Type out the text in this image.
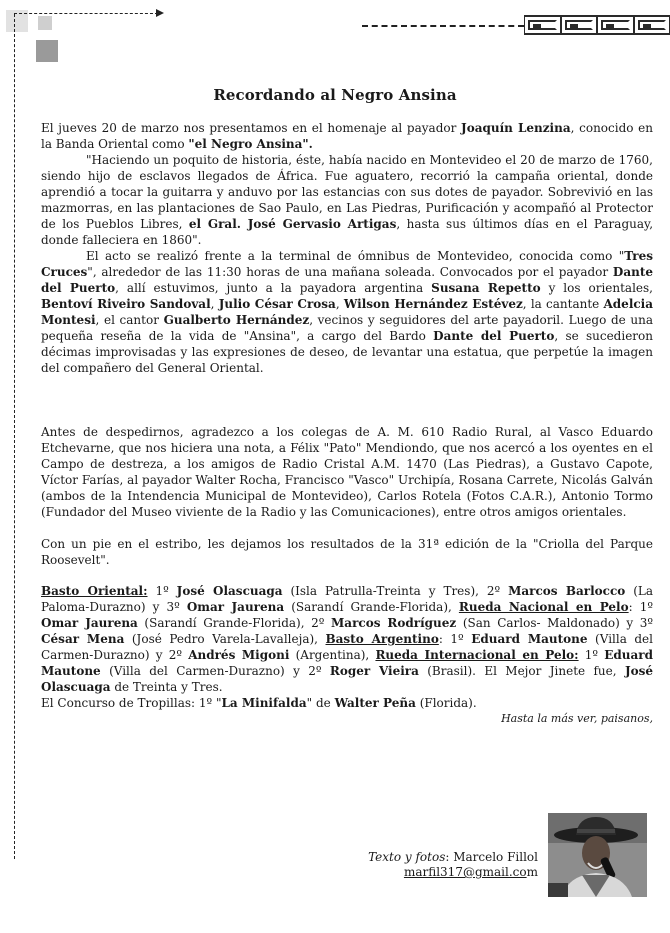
Recordando al Negro Ansina

El jueves 20 de marzo nos presentamos en el homenaje al payador Joaquín Lenzina, conocido en la Banda Oriental como "el Negro Ansina".

"Haciendo un poquito de historia, éste, había nacido en Montevideo el 20 de marzo de 1760, siendo hijo de esclavos llegados de África. Fue aguatero, recorrió la campaña oriental, donde aprendió a tocar la guitarra y anduvo por las estancias con sus dotes de payador. Sobrevivió en las mazmorras, en las plantaciones de Sao Paulo, en Las Piedras, Purificación y acompañó al Protector de los Pueblos Libres, el Gral. José Gervasio Artigas, hasta sus últimos días en el Paraguay, donde falleciera en 1860".

El acto se realizó frente a la terminal de ómnibus de Montevideo, conocida como "Tres Cruces", alrededor de las 11:30 horas de una mañana soleada. Convocados por el payador Dante del Puerto, allí estuvimos, junto a la payadora argentina Susana Repetto y los orientales, Bentoví Riveiro Sandoval, Julio César Crosa, Wilson Hernández Estévez, la cantante Adelcia Montesi, el cantor Gualberto Hernández, vecinos y seguidores del arte payadoril. Luego de una pequeña reseña de la vida de "Ansina", a cargo del Bardo Dante del Puerto, se sucedieron décimas improvisadas y las expresiones de deseo, de levantar una estatua, que perpetúe la imagen del compañero del General Oriental.

Antes de despedirnos, agradezco a los colegas de A. M. 610 Radio Rural, al Vasco Eduardo Etchevarne, que nos hiciera una nota, a Félix "Pato" Mendiondo, que nos acercó a los oyentes en el Campo de destreza, a los amigos de Radio Cristal A.M. 1470 (Las Piedras), a Gustavo Capote, Víctor Farías, al payador Walter Rocha, Francisco "Vasco" Urchipía, Rosana Carrete, Nicolás Galván (ambos de la Intendencia Municipal de Montevideo), Carlos Rotela (Fotos C.A.R.), Antonio Tormo (Fundador del Museo viviente de la Radio y las Comunicaciones), entre otros amigos orientales.

Con un pie en el estribo, les dejamos los resultados de la 31ª edición de la "Criolla del Parque Roosevelt".

Basto Oriental: 1º José Olascuaga (Isla Patrulla-Treinta y Tres), 2º Marcos Barlocco (La Paloma-Durazno) y 3º Omar Jaurena (Sarandí Grande-Florida), Rueda Nacional en Pelo: 1º Omar Jaurena (Sarandí Grande-Florida), 2º Marcos Rodríguez (San Carlos- Maldonado) y 3º César Mena (José Pedro Varela-Lavalleja), Basto Argentino: 1º Eduard Mautone (Villa del Carmen-Durazno) y 2º Andrés Migoni (Argentina), Rueda Internacional en Pelo: 1º Eduard Mautone (Villa del Carmen-Durazno) y 2º Roger Vieira (Brasil). El Mejor Jinete fue, José Olascuaga de Treinta y Tres.

El Concurso de Tropillas: 1º "La Minifalda" de Walter Peña (Florida).

Hasta la más ver, paisanos,

Texto y fotos: Marcelo Fillol
marfil317@gmail.com
